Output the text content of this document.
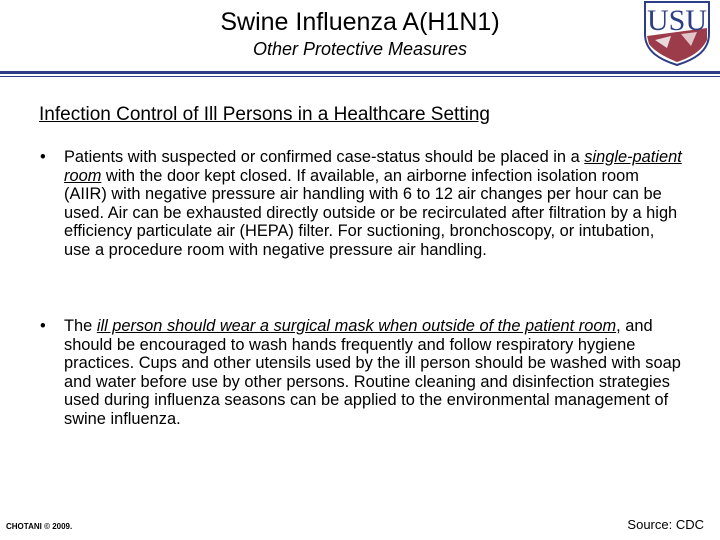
Swine Influenza A(H1N1)
Other Protective Measures
USU
Infection Control of Ill Persons in a Healthcare Setting
• Patients with suspected or confirmed case-status should be placed in a single-patient room with the door kept closed. If available, an airborne infection isolation room (AIIR) with negative pressure air handling with 6 to 12 air changes per hour can be used. Air can be exhausted directly outside or be recirculated after filtration by a high efficiency particulate air (HEPA) filter. For suctioning, bronchoscopy, or intubation, use a procedure room with negative pressure air handling.
• The ill person should wear a surgical mask when outside of the patient room, and should be encouraged to wash hands frequently and follow respiratory hygiene practices. Cups and other utensils used by the ill person should be washed with soap and water before use by other persons. Routine cleaning and disinfection strategies used during influenza seasons can be applied to the environmental management of swine influenza.
CHOTANI © 2009.	Source: CDC
